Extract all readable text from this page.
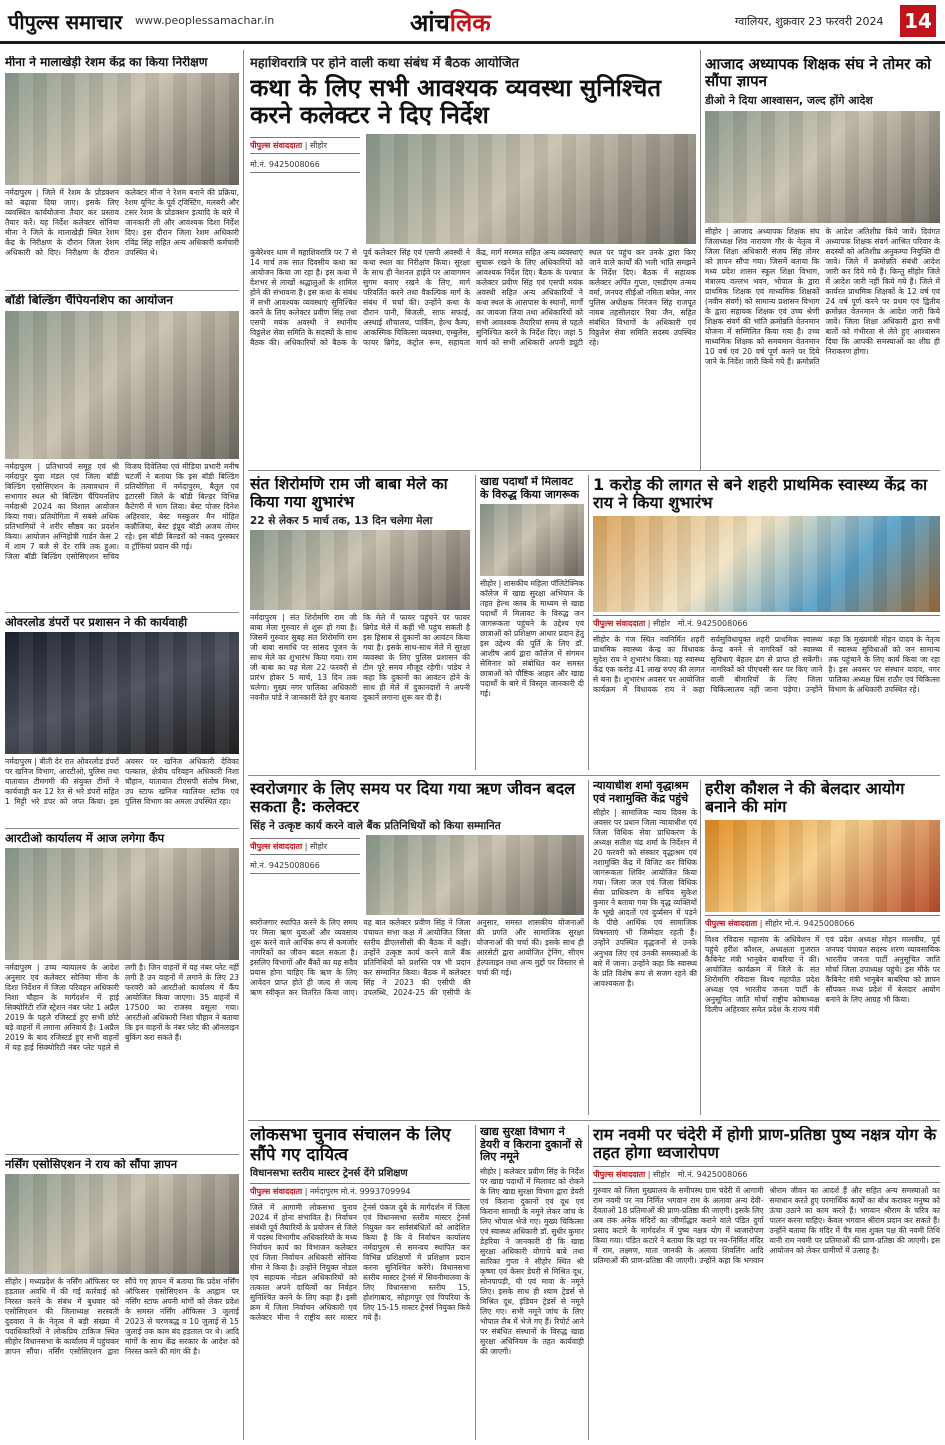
पीपुल्स समाचार www.peoplessamachar.in	आंचलिक	ग्वालियर, शुक्रवार 23 फरवरी 2024 14
मीना ने मालाखेड़ी रेशम केंद्र का किया निरीक्षण
नर्मदापुरम | जिले में रेशम के प्रोडक्शन को बढ़ावा दिया जाए। इसके लिए व्यवस्थित कार्ययोजना तैयार कर प्रस्ताव तैयार करें। यह निर्देश कलेक्टर सोनिया मीना ने जिले के मालाखेड़ी स्थित रेशम केंद्र के निरीक्षण के दौरान जिला रेशम अधिकारी को दिए। निरीक्षण के दौरान कलेक्टर मीना ने रेशम बनाने की प्रक्रिया, रेशम यूनिट के पूर्व ट्विस्टिंग, मलबरी और टसर रेशम के प्रोडक्शन इत्यादि के बारे में जानकारी ली और आवश्यक दिशा निर्देश दिए। इस दौरान जिला रेशम अधिकारी रविंद्र सिंह सहित अन्य अधिकारी कर्मचारी उपस्थित थे।
बॉडी बिल्डिंग चैंपियनशिप का आयोजन
नर्मदापुरम | प्रतिभापर्व समूह एवं श्री नर्मदापुर युवा मंडल एवं जिला बॉडी बिल्डिंग एसोसिएशन के तत्वावधान में सभागार स्थल श्री बिल्डिंग चैंपियनशिप नर्मदाश्री 2024 का विशाल आयोजन किया गया। प्रतियोगिता में सबसे अधिक प्रतिभागियों ने शरीर सौष्ठव का प्रदर्शन किया। आयोजन अग्निहोत्री गार्डन केस 2 में शाम 7 बजे से देर रात्रि तक हुआ। जिला बॉडी बिल्डिंग एसोसिएशन सचिव विजय दिवेलिया एवं मीडिया प्रभारी मनीष चटर्जी ने बताया कि इस बॉडी बिल्डिंग प्रतियोगिता में नर्मदापुरम, बैतूल एवं इटारसी जिले के बॉडी बिल्डर विभिन्न कैटेगरी में भाग लिया। बेस्ट पोजर दिनेश अहिरवार, बेस्ट मस्कुलर मैन मोहित कन्नौजिया, बेस्ट इंप्रूव बॉडी अजय तोमर रहे। इस बॉडी बिल्डरों को नकद पुरस्कार व ट्रॉफियां प्रदान की गई।
ओवरलोड डंपरों पर प्रशासन ने की कार्यवाही
नर्मदापुरम | बीती देर रात ओवरलोड डंपरों पर खनिज विभाग, आरटीओ, पुलिस तथा यातायात टीमगमी की संयुक्त टीमों ने कार्यवाही कर 12 रेत से भरे डंपरों सहित 1 मिट्टी भरे डंपर को जप्त किया। इस अवसर पर खनिज अधिकारी देविका पल्काल, क्षेत्रीय परिवहन अधिकारी निशा चौहान, यातायात टीएसपी संतोष मिश्रा, उप स्टाफ खनिज ग्वालियर स्टॉक एवं पुलिस विभाग का अमला उपस्थित रहा।
आरटीओ कार्यालय में आज लगेगा कैंप
नर्मदापुरम | उच्च न्यायालय के आदेश अनुसार एवं कलेक्टर सोनिया मीना के दिशा निर्देशन में जिला परिवहन अधिकारी निशा चौहान के मार्गदर्शन में हाई सिक्योरिटी रजि स्ट्रेशन नंबर प्लेट 1 अप्रैल 2019 के पहले रजिस्टर्ड हुए सभी छोटे बड़े वाहनों में लगाना अनिवार्य है। 1अप्रैल 2019 के बाद रजिस्टर्ड हुए सभी वाहनों में यह हाई सिक्योरिटी नंबर प्लेट पहले से लगी है। जिन वाहनों में यह नंबर प्लेट नहीं लगी है उन वाहनों में लगाने के लिए 23 फरवरी को आरटीओ कार्यालय में कैंप आयोजित किया जाएगा। 35 वाहनों में 17500 का राजस्व वसूला गया। आरटीओ अधिकारी निशा चौहान ने बताया कि इन वाहनों के नंबर प्लेट की ऑनलाइन बुकिंग करा सकते हैं।
नर्सिंग एसोसिएशन ने राय को सौंपा ज्ञापन
सीहोर | मध्यप्रदेश के नर्सिंग ऑफिसर पर हड़ताल अवधि में की गई कार्रवाई को निरस्त करने के संबंध में बुधवार को एसोसिएशन की जिलाध्यक्ष सरस्वती दुदवारा ने के नेतृत्व में बड़ी संख्या में पदाधिकारियों ने लोकप्रिय टाकिज स्थित सीहोर विधानसभा के कार्यालय में पहुंचकर ज्ञापन सौंपा। नर्सिंग एसोसिएशन द्वारा सौंपे गए ज्ञापन में बताया कि प्रदेश नर्सिंग ऑफिसर एसोसिएशन के आह्वान पर नर्सिंग स्टाफ अपनी मांगों को लेकर प्रदेश के समस्त नर्सिंग ऑफिसर 3 जुलाई 2023 से चरणबद्ध व 10 जुलाई से 15 जुलाई तक काम बंद हड़ताल पर थे। आदि मांगों के साथ केंद्र सरकार के आदेश को निरस्त करने की मांग की है।
महाशिवरात्रि पर होने वाली कथा संबंध में बैठक आयोजित
कथा के लिए सभी आवश्यक व्यवस्था सुनिश्चित करने कलेक्टर ने दिए निर्देश
पीपुल्स संवाददाता | सीहोर
मो.नं. 9425008066
कुबेरेश्वर धाम में महाशिवरात्रि पर 7 से 14 मार्च तक सात दिवसीय कथा का आयोजन किया जा रहा है। इस कथा में देशभर से लाखों श्रद्धालुओं के शामिल होने की संभावना है। इस कथा के संबंध में सभी आवश्यक व्यवस्थाएं सुनिश्चित करने के लिए कलेक्टर प्रवीण सिंह तथा एसपी मयंक अवस्थी ने स्थानीय विठ्ठलेश सेवा समिति के सदस्यों के साथ बैठक की। अधिकारियों को बैठक के पूर्व कलेक्टर सिंह एवं एसपी अवस्थी ने कथा स्थल का निरीक्षण किया। सुरक्षा के साथ ही नेशनल हाईवे पर आवागमन सुगम बनाए रखने के लिए, मार्ग परिवर्तित करने तथा वैकल्पिक मार्ग के संबंध में चर्चा की। उन्होंने कथा के दौरान पानी, बिजली, साफ सफाई, अस्थाई शौचालय, पार्किंग, हेल्थ कैम्प, आकस्मिक चिकित्सा व्यवस्था, एम्बुलेंस, फायर ब्रिगेड, कंट्रोल रूम, सहायता केंद्र, मार्ग मरम्मत सहित अन्य व्यवस्थाएं सुचारू रखने के लिए अधिकारियों को आवश्यक निर्देश दिए। बैठक के पश्चात कलेक्टर प्रवीण सिंह एवं एसपी मयंक अवस्थी सहित अन्य अधिकारियों ने कथा स्थल के आसपास के स्थानों, मार्गों का जायजा लिया तथा अधिकारियों को सभी आवश्यक तैयारियां समय से पहले सुनिश्चित करने के निर्देश दिए। जहां 5 मार्च को सभी अधिकारी अपनी ड्यूटी स्थल पर पहुंच कर उनके द्वारा किए जाने वाले कार्यों की भली भांति समझने के निर्देश दिए। बैठक में सहायक कलेक्टर अर्पित गुप्ता, एसडीएम तन्मय वर्मा, जनपद सीईओ नमिता बघेल, नगर पुलिस अधीक्षक निरंजन सिंह राजपूत नायब तहसीलदार रिया जैन, सहित संबंधित विभागों के अधिकारी एवं विठ्ठलेश सेवा समिति सदस्य उपस्थित रहे।
आजाद अध्यापक शिक्षक संघ ने तोमर को सौंपा ज्ञापन
डीओ ने दिया आश्वासन, जल्द होंगे आदेश
सीहोर | आजाद अध्यापक शिक्षक संघ जिलाध्यक्ष शिव नारायण गौर के नेतृत्व में जिला शिक्षा अधिकारी संजय सिंह तोमर को ज्ञापन सौंपा गया। जिसमें बताया कि मध्य प्रदेश शासन स्कूल शिक्षा विभाग, मंत्रालय वल्लभ भवन, भोपाल के द्वारा प्राथमिक शिक्षक एवं माध्यमिक शिक्षकों (नवीन संवर्ग) को सामान्य प्रशासन विभाग के द्वारा सहायक शिक्षक एवं उच्च श्रेणी शिक्षक संवर्ग की भांति क्रमोन्नति वेतनमान योजना में सम्मिलित किया गया है। उच्च माध्यमिक शिक्षक को समयमान वेतनमान 10 वर्ष एवं 20 वर्ष पूर्ण करने पर दिये जाने के निर्देश जारी किये गये हैं। क्रमोन्नति के आदेश अतिशीघ्र किये जावें। दिवंगत अध्यापक शिक्षक संवर्ग आश्रित परिवार के सदस्यों को अतिशीघ्र अनुकम्पा नियुक्ति दी जावे। जिले में क्रमोन्नति संबंधी आदेश जारी कर दिये गये हैं। किन्तु सीहोर जिले में आदेश जारी नहीं किये गये हैं। जिले में कार्यरत प्राथमिक शिक्षकों के 12 वर्ष एवं 24 वर्ष पूर्ण करने पर प्रथम एवं द्वितीय क्रमोन्नत वेतनमान के आदेश जारी किये जावें। जिला शिक्षा अधिकारी द्वारा सभी बातों को गंभीरता से लेते हुए आश्वासन दिया कि आपकी समस्याओं का शीघ्र ही निराकरण होगा।
संत शिरोमणि राम जी बाबा मेले का किया गया शुभारंभ
22 से लेकर 5 मार्च तक, 13 दिन चलेगा मेला
नर्मदापुरम | संत शिरोमणि राम जी बाबा मेला गुरुवार से शुरू हो गया है। जिसमें गुरुवार सुबह संत शिरोमणि राम जी बाबा समाधि पर सांसद पूजन के साथ मेले का शुभारंभ किया गया। राम जी बाबा का यह मेला 22 फरवरी से प्रारंभ होकर 5 मार्च, 13 दिन तक चलेगा। मुख्य नगर पालिका अधिकारी नवनीत पांडे ने जानकारी देते हुए बताया कि मेले में फायर पहुंचने पर फायर ब्रिगेड मेले में कहीं भी पहुंच सकती है इस हिसाब से दुकानों का आवंटन किया गया है। इसके साथ-साथ मेले में सुरक्षा व्यवस्था के लिए पुलिस प्रशासन की टीम पूरे समय मौजूद रहेगी। पांडेय ने कहा कि दुकानों का आवंटन होने के साथ ही मेले में दुकानदारों ने अपनी दुकानें लगाना शुरू कर दी है।
खाद्य पदार्थों में मिलावट के विरुद्ध किया जागरूक
सीहोर | शासकीय महिला पॉलिटेक्निक कॉलेज में खाद्य सुरक्षा अभियान के तहत हेल्थ क्लब के माध्यम से खाद्य पदार्थों में मिलावट के विरुद्ध जन जागरूकता पहुंचने के उद्देश्य एवं छात्राओं को प्रशिक्षण आधार प्रदान हेतु इस उद्देश्य की पूर्ति के लिए डॉ. आशीष आर्य द्वारा कॉलेज में संगमन सेमिनार को संबोधित कर समस्त छात्राओं को पौष्टिक आहार और खाद्य पदार्थों के बारे में विस्तृत जानकारी दी गई।
1 करोड़ की लागत से बने शहरी प्राथमिक स्वास्थ्य केंद्र का राय ने किया शुभारंभ
पीपुल्स संवाददाता | सीहोर मो.नं. 9425008066
सीहोर के गंज स्थित नवनिर्मित शहरी प्राथमिक स्वास्थ्य केन्द्र का विधायक सुदेश राय ने शुभारंभ किया। यह स्वास्थ्य केंद्र एक करोड़ 41 लाख रुपए की लागत से बना है। शुभारंभ अवसर पर आयोजित कार्यक्रम में विधायक राय ने कहा सर्वसुविधायुक्त शहरी प्राथमिक स्वास्थ्य केन्द्र बनने से नागरिकों को स्वास्थ्य सुविधाएं बेहतर ढंग से प्राप्त हो सकेंगी। नागरिकों को पीएचसी स्तर पर किए जाने वाली बीमारियों के लिए जिला चिकित्सालय नहीं जाना पड़ेगा। उन्होंने कहा कि मुख्यमंत्री मोहन यादव के नेतृत्व में स्वास्थ्य सुविधाओं को जन सामान्य तक पहुंचाने के लिए कार्य किया जा रहा है। इस अवसर पर संस्थान यादव, नगर पालिका अध्यक्ष प्रिंस राठौर एवं चिकित्सा विभाग के अधिकारी उपस्थित रहे।
स्वरोजगार के लिए समय पर दिया गया ऋण जीवन बदल सकता है: कलेक्टर
सिंह ने उत्कृष्ट कार्य करने वाले बैंक प्रतिनिधियों को किया सम्मानित
पीपुल्स संवाददाता | सीहोर
मो.नं. 9425008066
स्वरोजगार स्थापित करने के लिए समय पर मिला ऋण युवाओं और व्यवसाय शुरू करने वाले आर्थिक रूप से कमजोर नागरिकों का जीवन बदल सकता है। इसलिए विभागों और बैंकों का यह सदैव प्रयास होना चाहिए कि ऋण के लिए आवेदन प्राप्त होते ही जल्द से जल्द ऋण स्वीकृत कर वितरित किया जाए। यह बात कलेक्टर प्रवीण सिंह ने जिला पंचायत सभा कक्ष में आयोजित जिला स्तरीय डीएलसीसी की बैठक में कही। उन्होंने उत्कृष्ट कार्य करने वाले बैंक प्रतिनिधियों को प्रशस्ति पत्र भी प्रदान कर सम्मानित किया। बैठक में कलेक्टर सिंह ने 2023 की एसीपी की उपलब्धि, 2024-25 की एसीपी के अनुसार, समस्त शासकीय योजनाओं की प्रगति और सामाजिक सुरक्षा योजनाओं की चर्चा की। इसके साथ ही आरसेटी द्वारा आयोजित ट्रेनिंग, सीएम हेल्पलाइन तथा अन्य मुद्दों पर विस्तार से चर्चा की गई।
न्यायाधीश शर्मा वृद्धाश्रम एवं नशामुक्ति केंद्र पहुंचे
सीहोर | सामाजिक न्याय दिवस के अवसर पर प्रधान जिला न्यायाधीश एवं जिला विधिक सेवा प्राधिकरण के अध्यक्ष सतीश चंद्र शर्मा के निर्देशन में 20 फरवरी को संस्कार वृद्धाश्रम एवं नशामुक्ति केंद्र में विजिट कर विधिक जागरूकता शिविर आयोजित किया गया। जिला जज एवं जिला विधिक सेवा प्राधिकरण के सचिव सुकेश कुमार ने बताया गया कि वृद्ध व्यक्तियों के भूखे आदतों एवं दुर्व्यसन में पड़ने के पीछे आर्थिक एवं सामाजिक विषमताएं भी जिम्मेदार रहती हैं। उन्होंने उपस्थित वृद्धजनों से उनके अनुभव लिए एवं उनकी समस्याओं के बारे में जाना। उन्होंने कहा कि स्वास्थ्य के प्रति विशेष रूप से सजग रहने की आवश्यकता है।
हरीश कौशल ने की बेलदार आयोग बनाने की मांग
पीपुल्स संवाददाता | सीहोर मो.नं. 9425008066
विश्व रविदास महासंघ के अधिवेशन में पहुंचे हरीश कौशल, अध्यक्षता गुजरात कैबिनेट मंत्री भानूबेन बाबरिया ने की। आयोजित कार्यक्रम में जिले के संत शिरोमणि रविदास विश्व महापीठ प्रदेश अध्यक्ष एवं भारतीय जनता पार्टी के अनुसूचित जाति मोर्चा राष्ट्रीय कोषाध्यक्ष दिलीप अहिरवार समेत प्रदेश के राज्य मंत्री एवं प्रदेश अध्यक्ष मोहन मालवीय, पूर्व जनपद पंचायत सदस्य शरण व्यावसायिक भारतीय जनता पार्टी अनुसूचित जाति मोर्चा जिला उपाध्यक्ष पहुंचे। इस मौके पर कैबिनेट मंत्री भानूबेन बाबरिया को ज्ञापन सौंपकर मध्य प्रदेश में बेलदार आयोग बनाने के लिए आग्रह भी किया।
लोकसभा चुनाव संचालन के लिए सौंपे गए दायित्व
विधानसभा स्तरीय मास्टर ट्रेनर्स देंगे प्रशिक्षण
पीपुल्स संवाददाता | नर्मदापुरम मो.नं. 9993709994
जिले में आगामी लोकसभा चुनाव 2024 में होना संभावित है। निर्वाचन संबंधी पूर्व तैयारियों के प्रयोजन से जिले में पदस्थ विभागीय अधिकारियों के मध्य निर्वाचन कार्य का विभाजन कलेक्टर एवं जिला निर्वाचन अधिकारी सोनिया मीना ने किया है। उन्होंने नियुक्त नोडल एवं सहायक नोडल अधिकारियों को तत्काल अपने दायित्वों का निर्वहन सुनिश्चित करने के लिए कहा है। इसी क्रम में जिला निर्वाचन अधिकारी एवं कलेक्टर मीना ने राष्ट्रीय स्तर मास्टर ट्रेनर्स पंकज दुबे के मार्गदर्शन में जिला एवं विधानसभा स्तरीय मास्टर ट्रेनर्स नियुक्त कर सर्वसंबंधितों को आदेशित किया है कि वे निर्वाचन कार्यालय नर्मदापुरम से समन्वय स्थापित कर विभिन्न प्रशिक्षणों में प्रशिक्षण प्रदान करना सुनिश्चित करेंगे। विधानसभा स्तरीय मास्टर ट्रेनर्स में सिवनीमालवा के लिए विधानसभा स्तरीय 15, होशंगाबाद, सोहागपुर एवं पिपरिया के लिए 15-15 मास्टर ट्रेनर्स नियुक्त किये गये हैं।
खाद्य सुरक्षा विभाग ने डेयरी व किराना दुकानों से लिए नमूने
सीहोर | कलेक्टर प्रवीण सिंह के निर्देश पर खाद्य पदार्थों में मिलावट को रोकने के लिए खाद्य सुरक्षा विभाग द्वारा डेयरी एवं किराना दुकानों एवं दूध एवं किराना सामग्री के नमूने लेकर जांच के लिए भोपाल भेजे गए। मुख्य चिकित्सा एवं स्वास्थ्य अधिकारी डॉ. सुधीर कुमार डेहरिया ने जानकारी दी कि खाद्य सुरक्षा अधिकारी योगाचे बाबे तथा सारिका गुप्ता ने सीहोर स्थित श्री कृष्णा एवं केसर डेयरी से मिश्रित दूध, सोनपापड़ी, घी एवं मावा के नमूने लिए। इसके साथ ही श्याम ट्रेडर्स से मिश्रित दूध, इंडियन ट्रेडर्स से नमूने लिए गए। सभी नमूने जांच के लिए भोपाल लैब में भेजे गए हैं। रिपोर्ट आने पर संबंधित संस्थानों के विरुद्ध खाद्य सुरक्षा अधिनियम के तहत कार्यवाही की जाएगी।
राम नवमी पर चंदेरी में होगी प्राण-प्रतिष्ठा पुष्य नक्षत्र योग के तहत होगा ध्वजारोपण
पीपुल्स संवाददाता | सीहोर मो.नं. 9425008066
गुरुवार को जिला मुख्यालय के समीपस्थ ग्राम चंदेरी में आगामी राम नवमी पर नव निर्मित भगवान राम के अलावा अन्य देवी-देवताओं 18 प्रतिमाओं की प्राण-प्रतिष्ठा की जाएगी। इसके लिए अब तक अनेक मंदिरों का जीर्णोद्धार कराने वाले पंडित दुर्गा प्रसाद कटारे के मार्गदर्शन में पुष्य नक्षत्र योग में ध्वजारोपण किया गया। पंडित कटारे ने बताया कि यहां पर नव-निर्मित मंदिर में राम, लक्ष्मण, माता जानकी के अलावा शिवलिंग आदि प्रतिमाओं की प्राण-प्रतिष्ठा की जाएगी। उन्होंने कहा कि भगवान श्रीराम जीवन का आदर्श हैं और सहित अन्य समस्याओं का समाधान करते हुए परमार्थिक कार्यों का बोध कराकर मनुष्य को ऊंचा उठाने का काम करते हैं। भगवान श्रीराम के चरित्र का पालन करना चाहिए। केवल भगवान श्रीराम प्रदान कर सकते हैं। उन्होंने बताया कि मंदिर में चैत्र मास शुक्ल पक्ष की नवमी तिथि यानी राम नवमी पर प्रतिमाओं की प्राण-प्रतिष्ठा की जाएगी। इस आयोजन को लेकर ग्रामीणों में उत्साह है।
